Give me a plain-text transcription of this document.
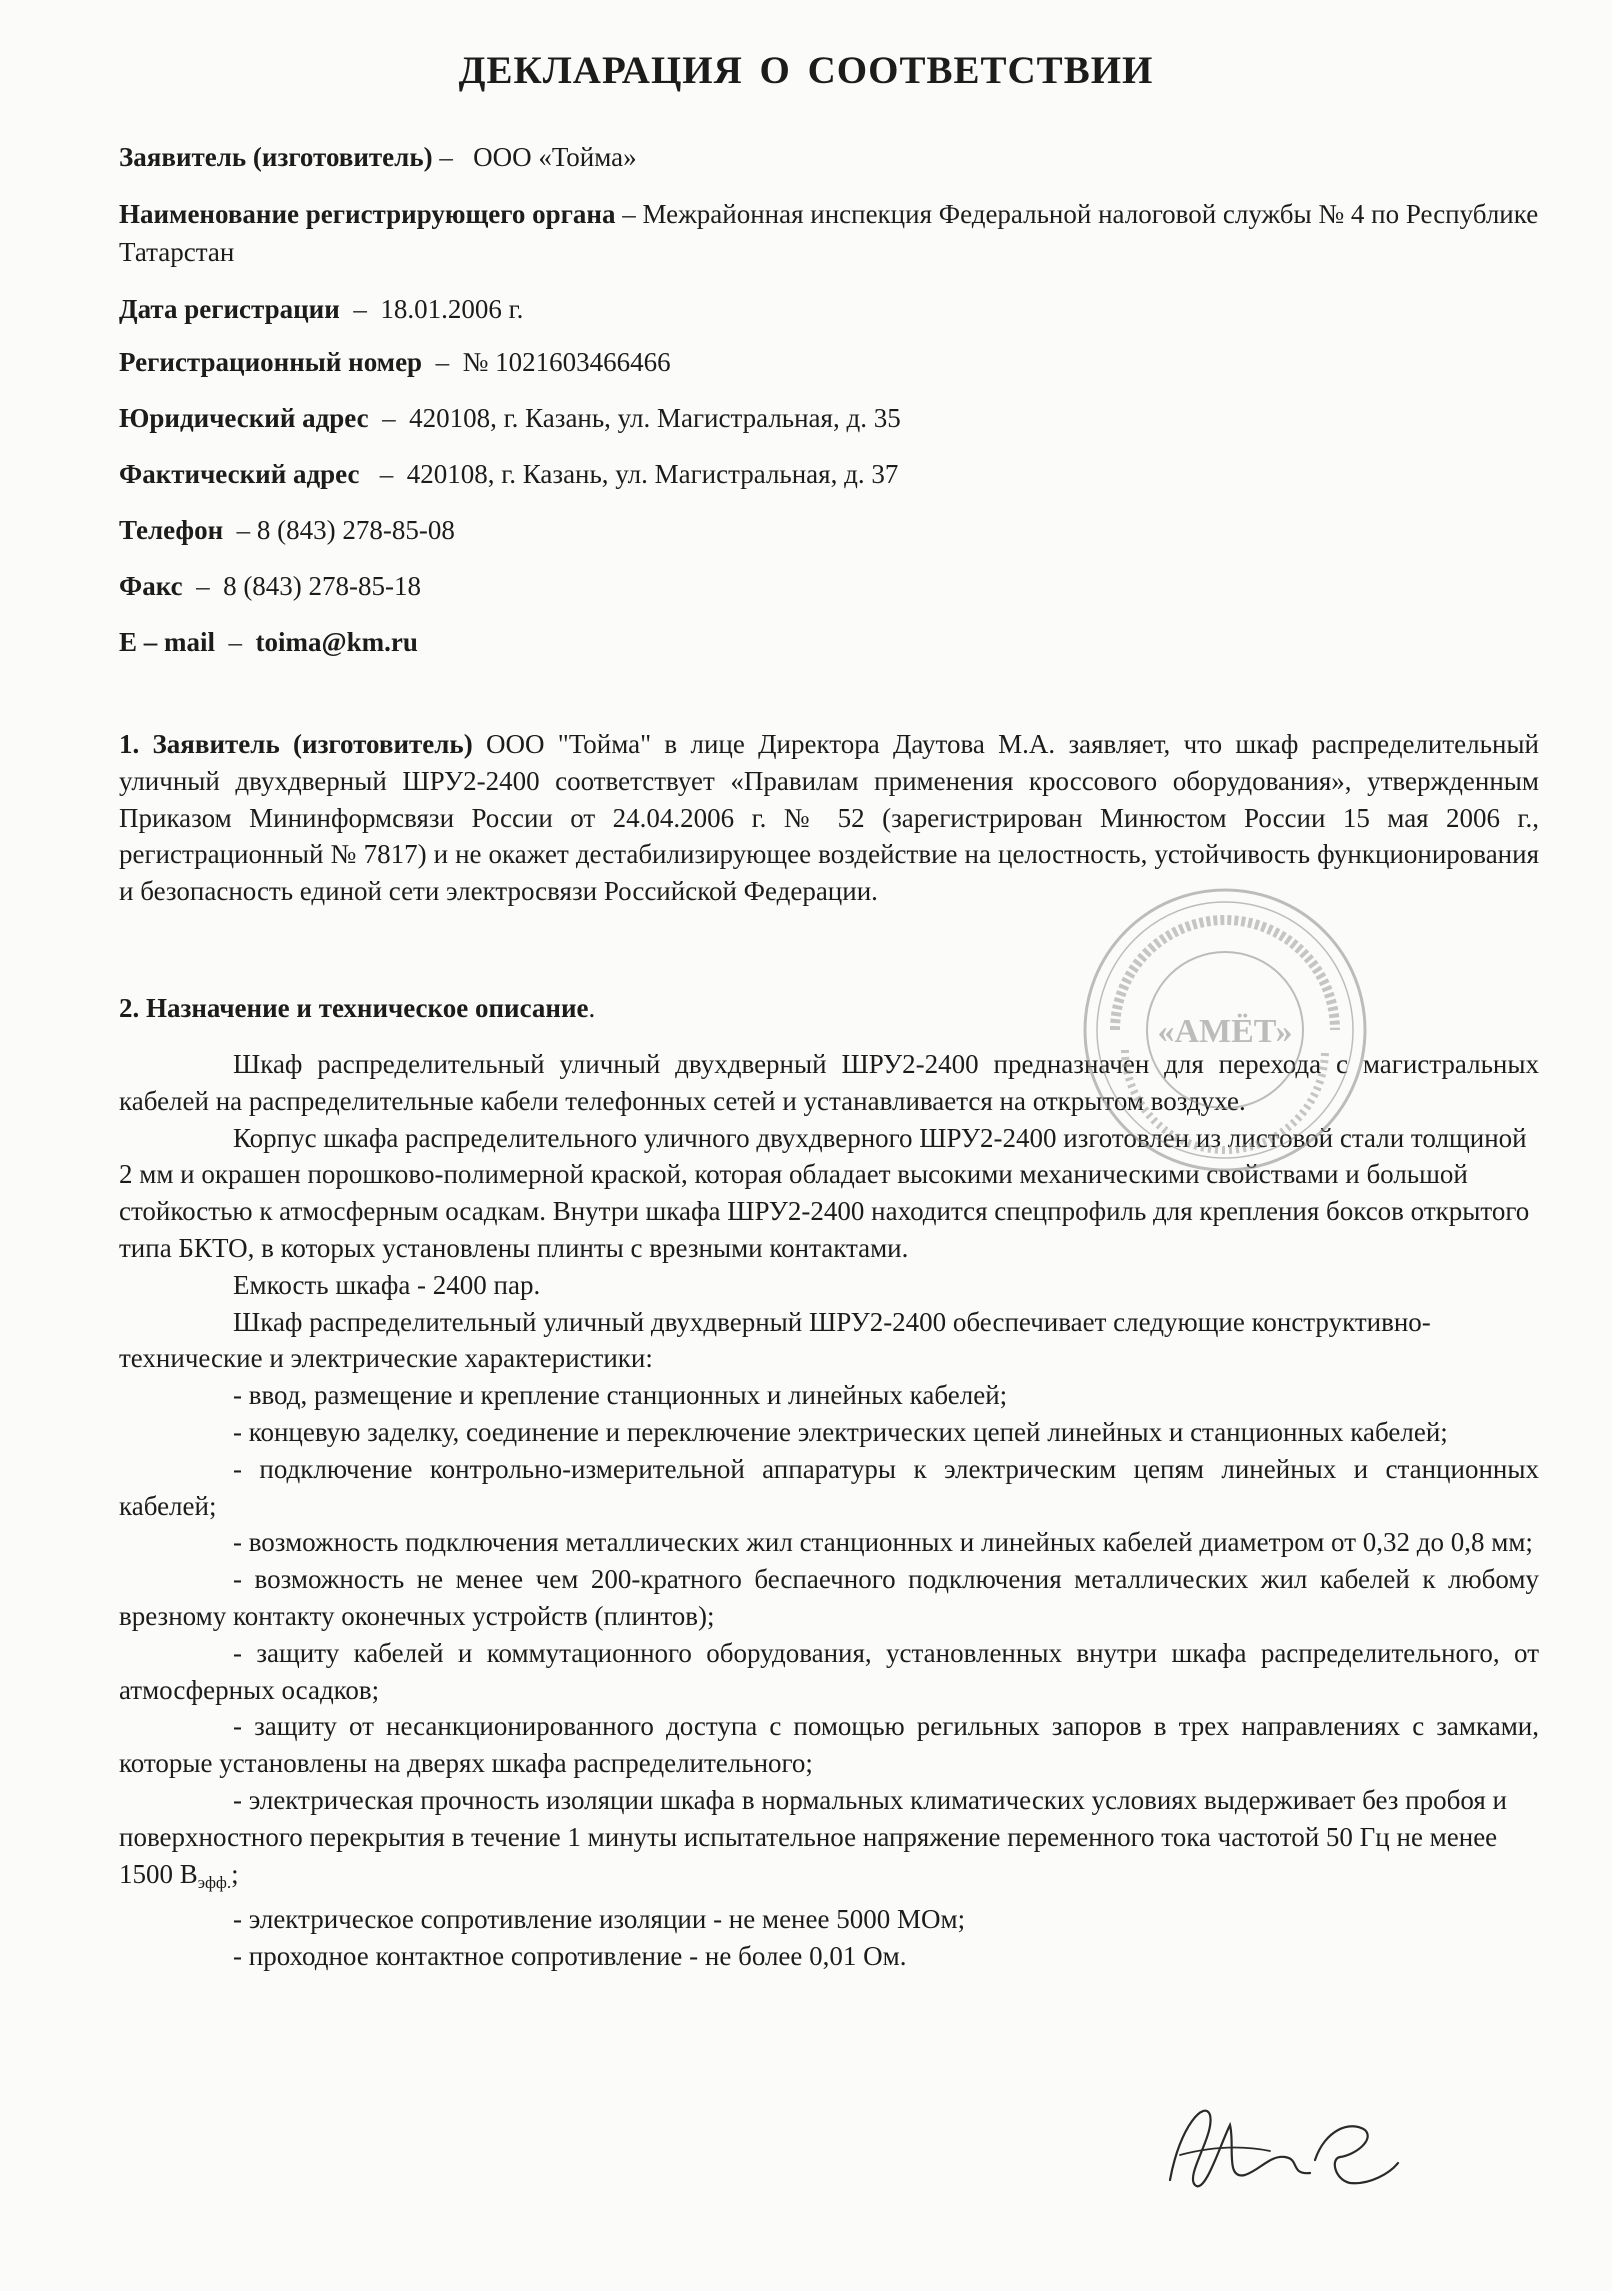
ДЕКЛАРАЦИЯ О СООТВЕТСТВИИ
Заявитель (изготовитель) – ООО «Тойма»
Наименование регистрирующего органа – Межрайонная инспекция Федеральной налоговой службы № 4 по Республике Татарстан
Дата регистрации – 18.01.2006 г.
Регистрационный номер – № 1021603466466
Юридический адрес – 420108, г. Казань, ул. Магистральная, д. 35
Фактический адрес – 420108, г. Казань, ул. Магистральная, д. 37
Телефон – 8 (843) 278-85-08
Факс – 8 (843) 278-85-18
E – mail – toima@km.ru

1. Заявитель (изготовитель) ООО "Тойма" в лице Директора Даутова М.А. заявляет, что шкаф распределительный уличный двухдверный ШРУ2-2400 соответствует «Правилам применения кроссового оборудования», утвержденным Приказом Мининформсвязи России от 24.04.2006 г. № 52 (зарегистрирован Минюстом России 15 мая 2006 г., регистрационный № 7817) и не окажет дестабилизирующее воздействие на целостность, устойчивость функционирования и безопасность единой сети электросвязи Российской Федерации.

2. Назначение и техническое описание.

Шкаф распределительный уличный двухдверный ШРУ2-2400 предназначен для перехода с магистральных кабелей на распределительные кабели телефонных сетей и устанавливается на открытом воздухе.

Корпус шкафа распределительного уличного двухдверного ШРУ2-2400 изготовлен из листовой стали толщиной 2 мм и окрашен порошково-полимерной краской, которая обладает высокими механическими свойствами и большой стойкостью к атмосферным осадкам. Внутри шкафа ШРУ2-2400 находится спецпрофиль для крепления боксов открытого типа БКТО, в которых установлены плинты с врезными контактами.

Емкость шкафа - 2400 пар.

Шкаф распределительный уличный двухдверный ШРУ2-2400 обеспечивает следующие конструктивно-технические и электрические характеристики:

- ввод, размещение и крепление станционных и линейных кабелей;

- концевую заделку, соединение и переключение электрических цепей линейных и станционных кабелей;

- подключение контрольно-измерительной аппаратуры к электрическим цепям линейных и станционных кабелей;

- возможность подключения металлических жил станционных и линейных кабелей диаметром от 0,32 до 0,8 мм;

- возможность не менее чем 200-кратного беспаечного подключения металлических жил кабелей к любому врезному контакту оконечных устройств (плинтов);

- защиту кабелей и коммутационного оборудования, установленных внутри шкафа распределительного, от атмосферных осадков;

- защиту от несанкционированного доступа с помощью регильных запоров в трех направлениях с замками, которые установлены на дверях шкафа распределительного;

- электрическая прочность изоляции шкафа в нормальных климатических условиях выдерживает без пробоя и поверхностного перекрытия в течение 1 минуты испытательное напряжение переменного тока частотой 50 Гц не менее 1500 $В_{эфф.}$;

- электрическое сопротивление изоляции - не менее 5000 МОм;

- проходное контактное сопротивление - не более 0,01 Ом.

«АМЁТ»
